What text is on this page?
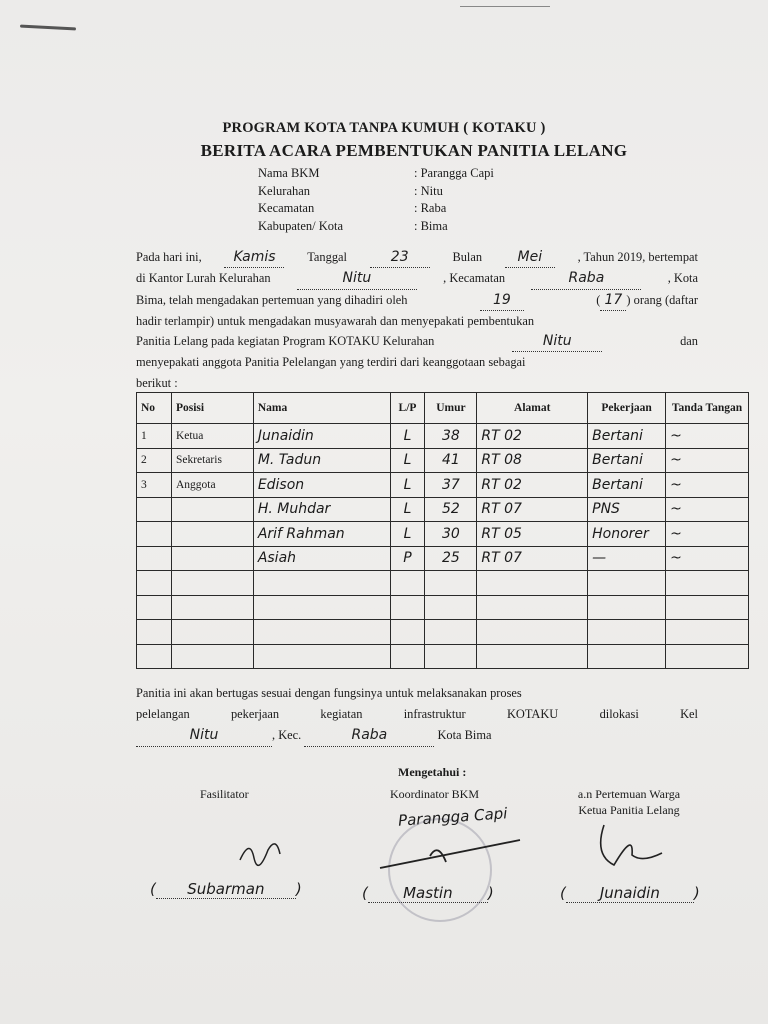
PROGRAM KOTA TANPA KUMUH ( KOTAKU )
BERITA ACARA PEMBENTUKAN PANITIA LELANG
Nama BKM	: Parangga Capi
Kelurahan	: Nitu
Kecamatan	: Raba
Kabupaten/ Kota	: Bima
Pada hari ini,	Kamis	Tanggal	23	Bulan	Mei	, Tahun 2019, bertempat
di Kantor Lurah Kelurahan	Nitu	, Kecamatan	Raba	, Kota
Bima, telah mengadakan pertemuan yang dihadiri oleh	19	( 17 ) orang (daftar
hadir terlampir) untuk mengadakan musyawarah dan menyepakati pembentukan
Panitia Lelang pada kegiatan Program KOTAKU Kelurahan	Nitu	dan
menyepakati anggota Panitia Pelelangan yang terdiri dari keanggotaan sebagai
berikut :
No	Posisi	Nama	L/P	Umur	Alamat	Pekerjaan	Tanda Tangan
1	Ketua	Junaidin	L	38	RT 02	Bertani	~
2	Sekretaris	M. Tadun	L	41	RT 08	Bertani	~
3	Anggota	Edison	L	37	RT 02	Bertani	~
		H. Muhdar	L	52	RT 07	PNS	~
		Arif Rahman	L	30	RT 05	Honorer	~
		Asiah	P	25	RT 07	—	~

Panitia ini akan bertugas sesuai dengan fungsinya untuk melaksanakan proses
pelelangan	pekerjaan	kegiatan	infrastruktur	KOTAKU	dilokasi	Kel
Nitu	, Kec.	Raba	Kota Bima
Mengetahui :
Fasilitator	Koordinator BKM	a.n Pertemuan Warga
Ketua Panitia Lelang
Parangga Capi
( Subarman )	( Mastin )	( Junaidin )
